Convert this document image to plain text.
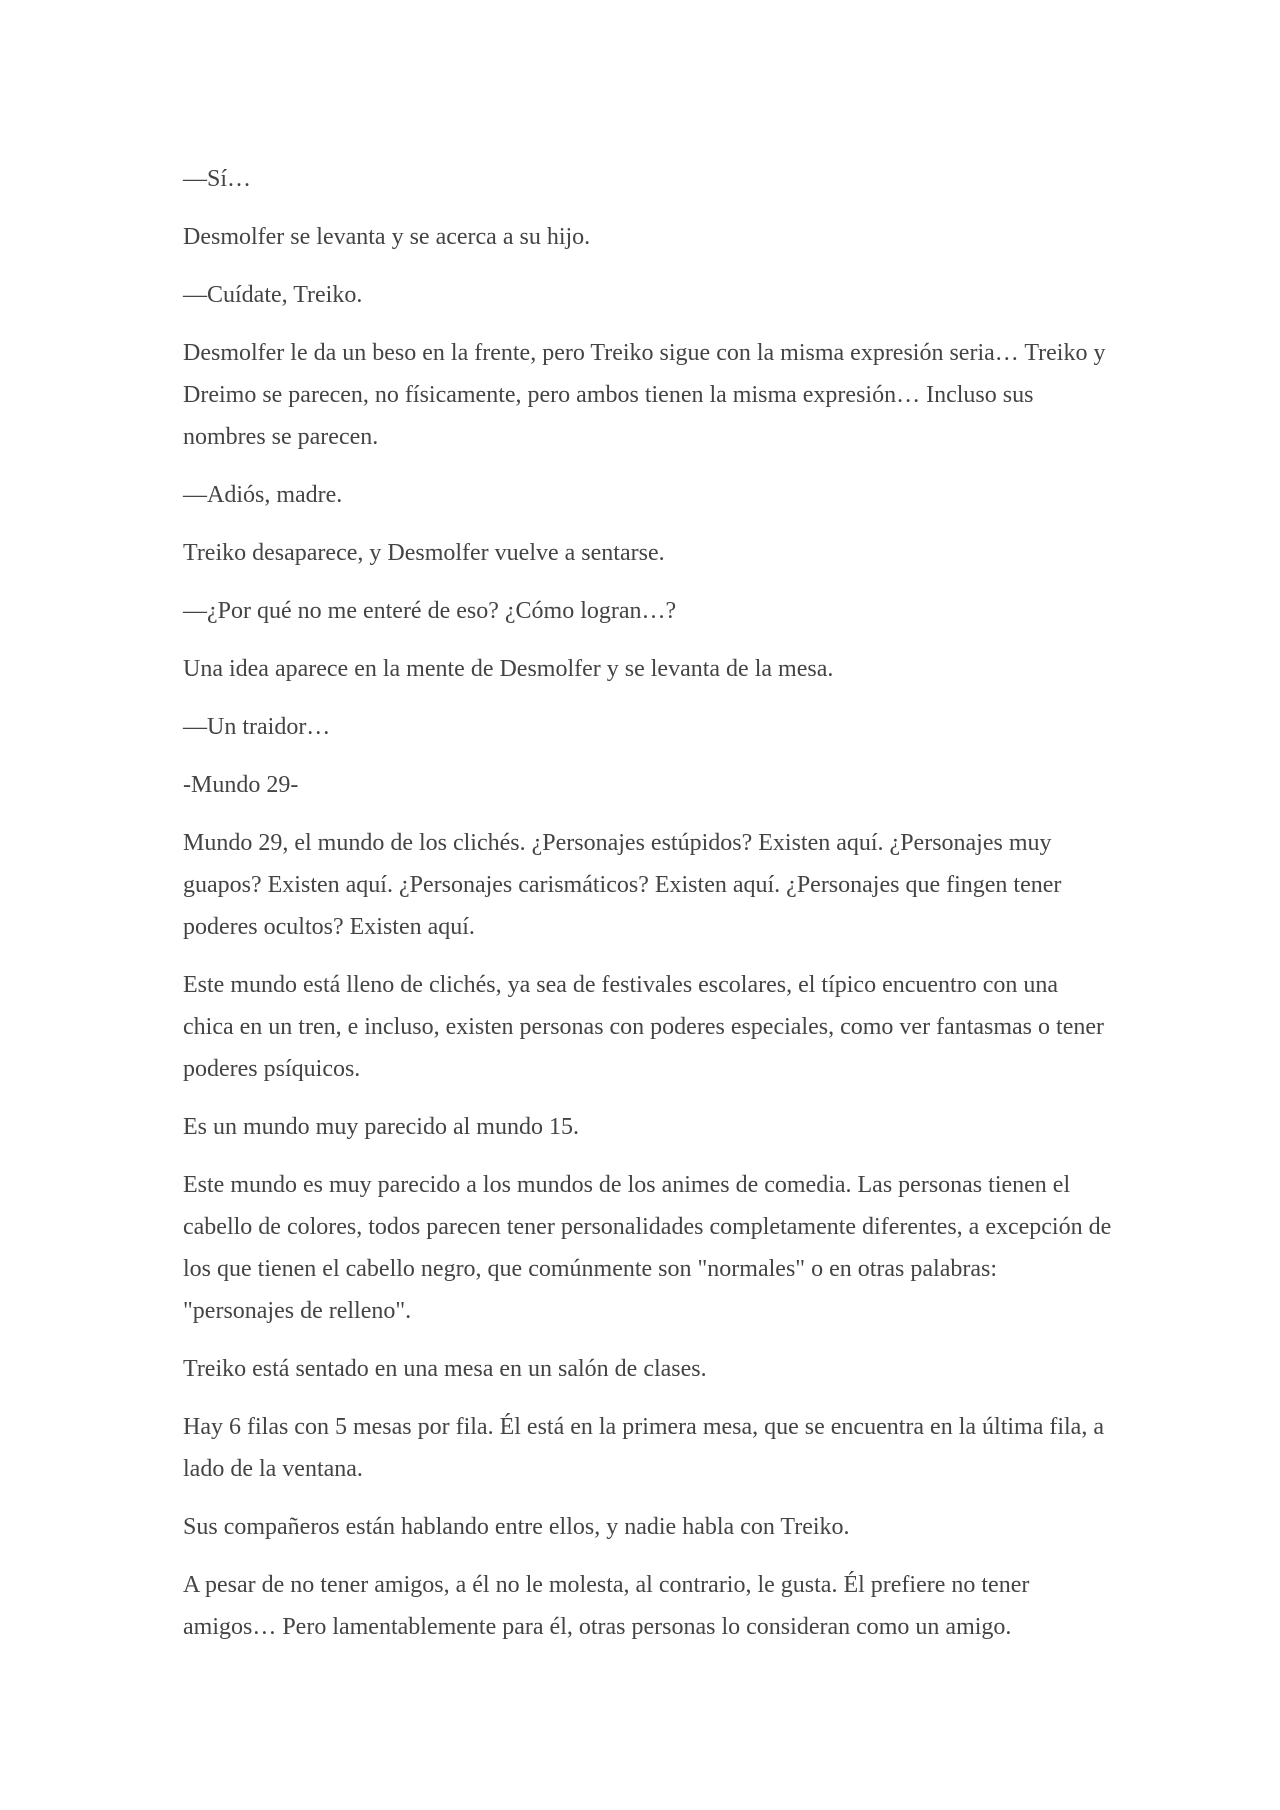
—Sí…

Desmolfer se levanta y se acerca a su hijo.

—Cuídate, Treiko.

Desmolfer le da un beso en la frente, pero Treiko sigue con la misma expresión seria… Treiko y Dreimo se parecen, no físicamente, pero ambos tienen la misma expresión… Incluso sus nombres se parecen.

—Adiós, madre.

Treiko desaparece, y Desmolfer vuelve a sentarse.

—¿Por qué no me enteré de eso? ¿Cómo logran…?

Una idea aparece en la mente de Desmolfer y se levanta de la mesa.

—Un traidor…

-Mundo 29-

Mundo 29, el mundo de los clichés. ¿Personajes estúpidos? Existen aquí. ¿Personajes muy guapos? Existen aquí. ¿Personajes carismáticos? Existen aquí. ¿Personajes que fingen tener poderes ocultos? Existen aquí.

Este mundo está lleno de clichés, ya sea de festivales escolares, el típico encuentro con una chica en un tren, e incluso, existen personas con poderes especiales, como ver fantasmas o tener poderes psíquicos.

Es un mundo muy parecido al mundo 15.

Este mundo es muy parecido a los mundos de los animes de comedia. Las personas tienen el cabello de colores, todos parecen tener personalidades completamente diferentes, a excepción de los que tienen el cabello negro, que comúnmente son "normales" o en otras palabras: "personajes de relleno".

Treiko está sentado en una mesa en un salón de clases.

Hay 6 filas con 5 mesas por fila. Él está en la primera mesa, que se encuentra en la última fila, a lado de la ventana.

Sus compañeros están hablando entre ellos, y nadie habla con Treiko.

A pesar de no tener amigos, a él no le molesta, al contrario, le gusta. Él prefiere no tener amigos… Pero lamentablemente para él, otras personas lo consideran como un amigo.
